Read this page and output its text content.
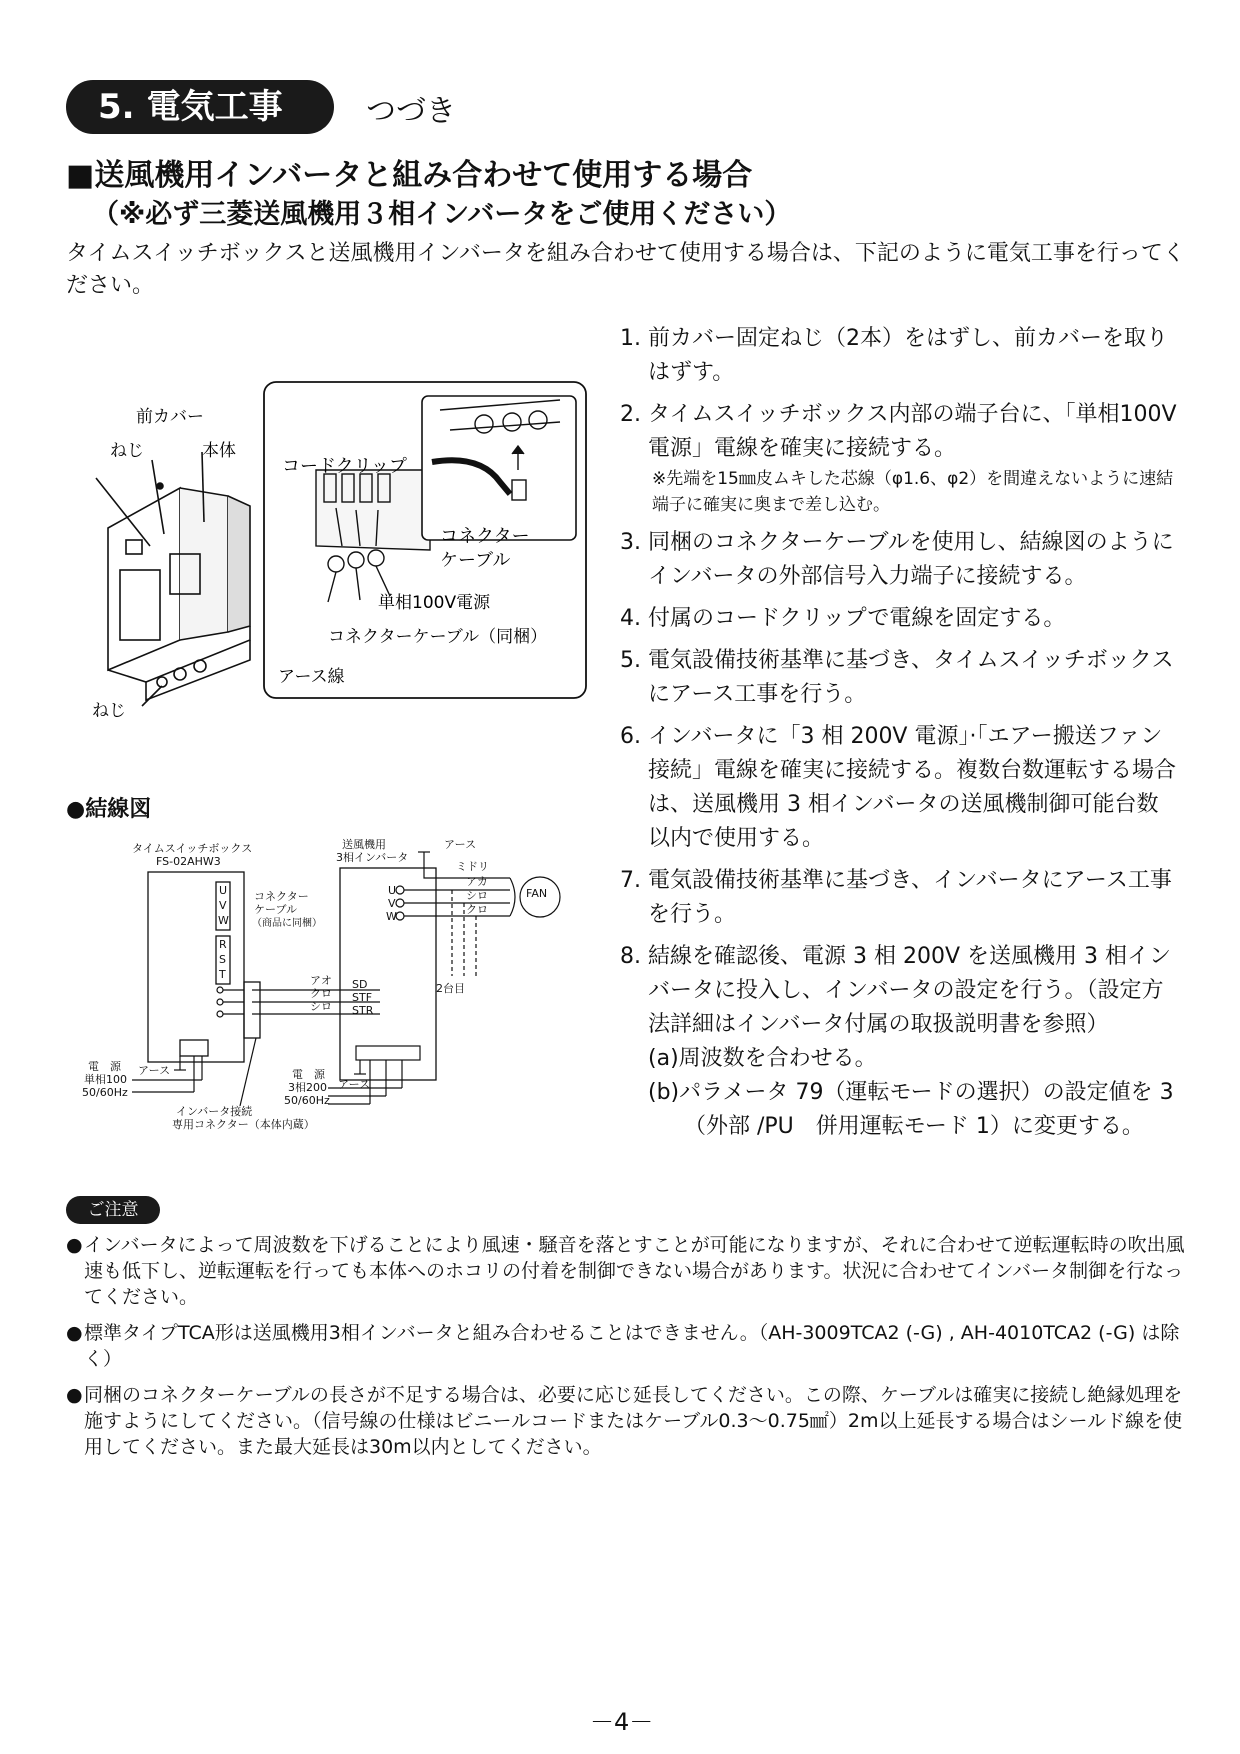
5. 電気工事	つづき
■送風機用インバータと組み合わせて使用する場合
（※必ず三菱送風機用３相インバータをご使用ください）
タイムスイッチボックスと送風機用インバータを組み合わせて使用する場合は、下記のように電気工事を行ってください。
前カバー
ねじ	本体
ねじ
コードクリップ
コネクター
ケーブル
単相100V電源
コネクターケーブル（同梱）
アース線
●結線図
タイムスイッチボックス
FS-02AHW3
送風機用
3相インバータ
U
V
W
R
S
T
コネクター
ケーブル
（商品に同梱）
アオ
クロ
シロ
SD
STF
STR
U
V
W
アース
ミドリ
アカ
シロ
クロ
FAN
2台目
電　源
単相100
50/60Hz
アース	電　源
3相200
50/60Hz
アース
インバータ接続
専用コネクター（本体内蔵）
1. 前カバー固定ねじ（2本）をはずし、前カバーを取りはずす。
2. タイムスイッチボックス内部の端子台に、「単相100V 電源」電線を確実に接続する。
※先端を15㎜皮ムキした芯線（φ1.6、φ2）を間違えないように速結端子に確実に奥まで差し込む。
3. 同梱のコネクターケーブルを使用し、結線図のようにインバータの外部信号入力端子に接続する。
4. 付属のコードクリップで電線を固定する。
5. 電気設備技術基準に基づき、タイムスイッチボックスにアース工事を行う。
6. インバータに「3 相 200V 電源」·「エアー搬送ファン接続」電線を確実に接続する。複数台数運転する場合は、送風機用 3 相インバータの送風機制御可能台数以内で使用する。
7. 電気設備技術基準に基づき、インバータにアース工事を行う。
8. 結線を確認後、電源 3 相 200V を送風機用 3 相インバータに投入し、インバータの設定を行う。（設定方法詳細はインバータ付属の取扱説明書を参照）
(a)周波数を合わせる。
(b)パラメータ 79（運転モードの選択）の設定値を 3（外部 /PU　併用運転モード 1）に変更する。
ご注意
● インバータによって周波数を下げることにより風速・騒音を落とすことが可能になりますが、それに合わせて逆転運転時の吹出風速も低下し、逆転運転を行っても本体へのホコリの付着を制御できない場合があります。状況に合わせてインバータ制御を行なってください。
● 標準タイプTCA形は送風機用3相インバータと組み合わせることはできません。（AH-3009TCA2 (-G) , AH-4010TCA2 (-G) は除く）
● 同梱のコネクターケーブルの長さが不足する場合は、必要に応じ延長してください。この際、ケーブルは確実に接続し絶縁処理を施すようにしてください。（信号線の仕様はビニールコードまたはケーブル0.3～0.75㎟）2m以上延長する場合はシールド線を使用してください。また最大延長は30m以内としてください。
－4－
